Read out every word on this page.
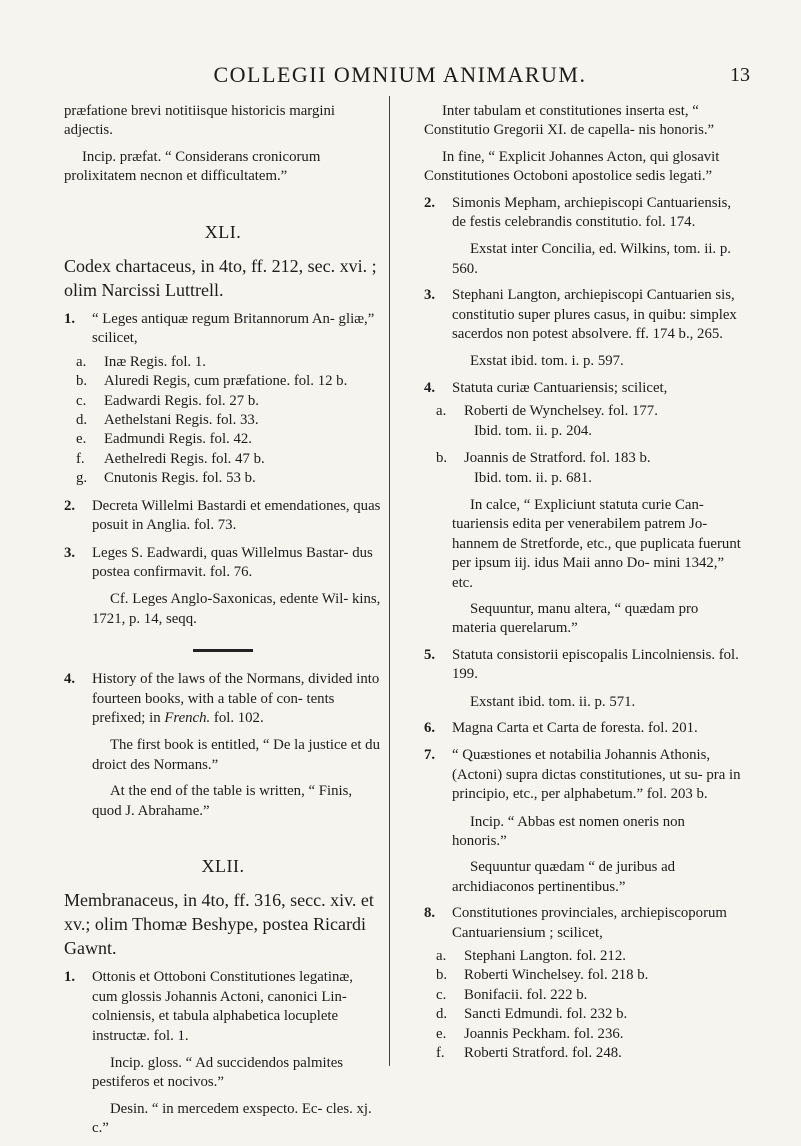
COLLEGII OMNIUM ANIMARUM.	13

præfatione brevi notitiisque historicis margini adjectis.

Incip. præfat. “ Considerans cronicorum prolixitatem necnon et difficultatem.”

XLI.

Codex chartaceus, in 4to, ff. 212, sec. xvi. ; olim Narcissi Luttrell.

1. “ Leges antiquæ regum Britannorum An- gliæ,” scilicet,
a. Inæ Regis. fol. 1.
b. Aluredi Regis, cum præfatione. fol. 12 b.
c. Eadwardi Regis. fol. 27 b.
d. Aethelstani Regis. fol. 33.
e. Eadmundi Regis. fol. 42.
f. Aethelredi Regis. fol. 47 b.
g. Cnutonis Regis. fol. 53 b.
2. Decreta Willelmi Bastardi et emendationes, quas posuit in Anglia. fol. 73.
3. Leges S. Eadwardi, quas Willelmus Bastar- dus postea confirmavit. fol. 76.

Cf. Leges Anglo-Saxonicas, edente Wil- kins, 1721, p. 14, seqq.

4. History of the laws of the Normans, divided into fourteen books, with a table of con- tents prefixed; in French. fol. 102.

The first book is entitled, “ De la justice et du droict des Normans.”

At the end of the table is written, “ Finis, quod J. Abrahame.”

XLII.

Membranaceus, in 4to, ff. 316, secc. xiv. et xv.; olim Thomæ Beshype, postea Ricardi Gawnt.

1. Ottonis et Ottoboni Constitutiones legatinæ, cum glossis Johannis Actoni, canonici Lin- colniensis, et tabula alphabetica locuplete instructæ. fol. 1.

Incip. gloss. “ Ad succidendos palmites pestiferos et nocivos.”

Desin. “ in mercedem exspecto. Ec- cles. xj. c.”

Inter tabulam et constitutiones inserta est, “ Constitutio Gregorii XI. de capella- nis honoris.”

In fine, “ Explicit Johannes Acton, qui glosavit Constitutiones Octoboni apostolice sedis legati.”

2. Simonis Mepham, archiepiscopi Cantuariensis, de festis celebrandis constitutio. fol. 174.

Exstat inter Concilia, ed. Wilkins, tom. ii. p. 560.

3. Stephani Langton, archiepiscopi Cantuarien sis, constitutio super plures casus, in quibu: simplex sacerdos non potest absolvere. ff. 174 b., 265.

Exstat ibid. tom. i. p. 597.

4. Statuta curiæ Cantuariensis; scilicet,
a. Roberti de Wynchelsey. fol. 177.

Ibid. tom. ii. p. 204.

b. Joannis de Stratford. fol. 183 b.

Ibid. tom. ii. p. 681.

In calce, “ Expliciunt statuta curie Can- tuariensis edita per venerabilem patrem Jo- hannem de Stretforde, etc., que puplicata fuerunt per ipsum iij. idus Maii anno Do- mini 1342,” etc.

Sequuntur, manu altera, “ quædam pro materia querelarum.”

5. Statuta consistorii episcopalis Lincolniensis. fol. 199.

Exstant ibid. tom. ii. p. 571.

6. Magna Carta et Carta de foresta. fol. 201.
7. “ Quæstiones et notabilia Johannis Athonis, (Actoni) supra dictas constitutiones, ut su- pra in principio, etc., per alphabetum.” fol. 203 b.

Incip. “ Abbas est nomen oneris non honoris.”

Sequuntur quædam “ de juribus ad archidiaconos pertinentibus.”

8. Constitutiones provinciales, archiepiscoporum Cantuariensium ; scilicet,
a. Stephani Langton. fol. 212.
b. Roberti Winchelsey. fol. 218 b.
c. Bonifacii. fol. 222 b.
d. Sancti Edmundi. fol. 232 b.
e. Joannis Peckham. fol. 236.
f. Roberti Stratford. fol. 248.
